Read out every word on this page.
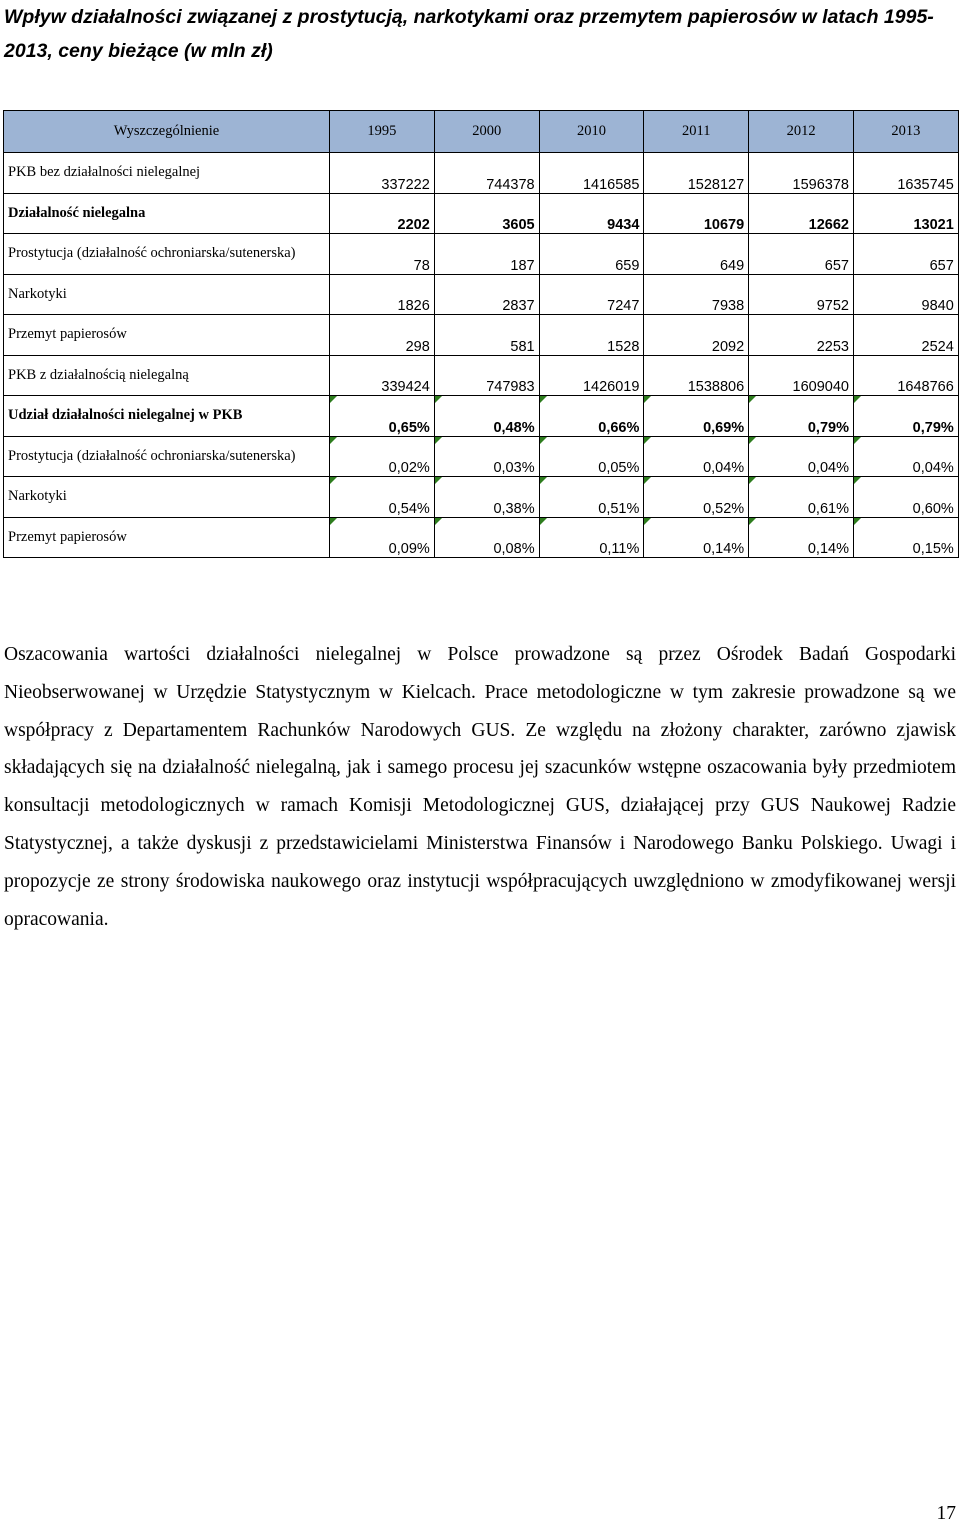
Wpływ działalności związanej z prostytucją, narkotykami oraz przemytem papierosów w latach 1995-2013, ceny bieżące (w mln zł)
Wyszczególnienie	1995	2000	2010	2011	2012	2013
PKB bez działalności nielegalnej	337222	744378	1416585	1528127	1596378	1635745
Działalność nielegalna	2202	3605	9434	10679	12662	13021
Prostytucja (działalność ochroniarska/sutenerska)	78	187	659	649	657	657
Narkotyki	1826	2837	7247	7938	9752	9840
Przemyt papierosów	298	581	1528	2092	2253	2524
PKB z działalnością nielegalną	339424	747983	1426019	1538806	1609040	1648766
Udział działalności nielegalnej w PKB	0,65%	0,48%	0,66%	0,69%	0,79%	0,79%
Prostytucja (działalność ochroniarska/sutenerska)	0,02%	0,03%	0,05%	0,04%	0,04%	0,04%
Narkotyki	0,54%	0,38%	0,51%	0,52%	0,61%	0,60%
Przemyt papierosów	0,09%	0,08%	0,11%	0,14%	0,14%	0,15%

Oszacowania wartości działalności nielegalnej w Polsce prowadzone są przez Ośrodek Badań Gospodarki Nieobserwowanej w Urzędzie Statystycznym w Kielcach. Prace metodologiczne w tym zakresie prowadzone są we współpracy z Departamentem Rachunków Narodowych GUS. Ze względu na złożony charakter, zarówno zjawisk składających się na działalność nielegalną, jak i samego procesu jej szacunków wstępne oszacowania były przedmiotem konsultacji metodologicznych w ramach Komisji Metodologicznej GUS, działającej przy GUS Naukowej Radzie Statystycznej, a także dyskusji z przedstawicielami Ministerstwa Finansów i Narodowego Banku Polskiego. Uwagi i propozycje ze strony środowiska naukowego oraz instytucji współpracujących uwzględniono w zmodyfikowanej wersji opracowania.

17
